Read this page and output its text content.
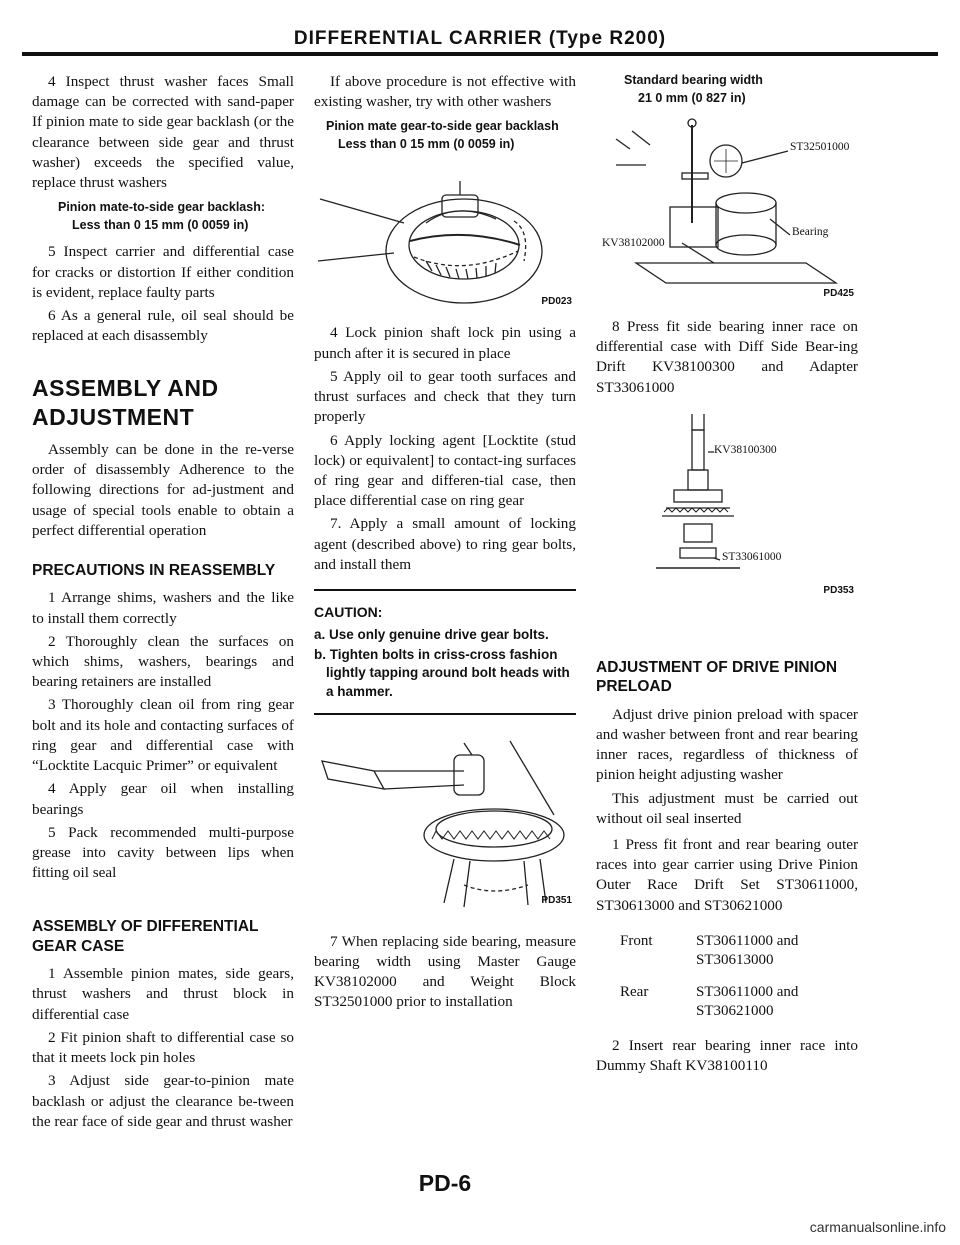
DIFFERENTIAL CARRIER (Type R200)

4 Inspect thrust washer faces Small damage can be corrected with sand-paper If pinion mate to side gear backlash (or the clearance between side gear and thrust washer) exceeds the specified value, replace thrust washers

Pinion mate-to-side gear backlash:
Less than 0 15 mm (0 0059 in)

5 Inspect carrier and differential case for cracks or distortion If either condition is evident, replace faulty parts

6 As a general rule, oil seal should be replaced at each disassembly

ASSEMBLY AND ADJUSTMENT

Assembly can be done in the re-verse order of disassembly Adherence to the following directions for ad-justment and usage of special tools enable to obtain a perfect differential operation

PRECAUTIONS IN REASSEMBLY

1 Arrange shims, washers and the like to install them correctly

2 Thoroughly clean the surfaces on which shims, washers, bearings and bearing retainers are installed

3 Thoroughly clean oil from ring gear bolt and its hole and contacting surfaces of ring gear and differential case with “Locktite Lacquic Primer” or equivalent

4 Apply gear oil when installing bearings

5 Pack recommended multi-purpose grease into cavity between lips when fitting oil seal

ASSEMBLY OF DIFFERENTIAL GEAR CASE

1 Assemble pinion mates, side gears, thrust washers and thrust block in differential case

2 Fit pinion shaft to differential case so that it meets lock pin holes

3 Adjust side gear-to-pinion mate backlash or adjust the clearance be-tween the rear face of side gear and thrust washer

If above procedure is not effective with existing washer, try with other washers

Pinion mate gear-to-side gear backlash
Less than 0 15 mm (0 0059 in)
PD023

4 Lock pinion shaft lock pin using a punch after it is secured in place

5 Apply oil to gear tooth surfaces and thrust surfaces and check that they turn properly

6 Apply locking agent [Locktite (stud lock) or equivalent] to contact-ing surfaces of ring gear and differen-tial case, then place differential case on ring gear

7. Apply a small amount of locking agent (described above) to ring gear bolts, and install them

CAUTION:
a. Use only genuine drive gear bolts.
b. Tighten bolts in criss-cross fashion lightly tapping around bolt heads with a hammer.
PD351

7 When replacing side bearing, measure bearing width using Master Gauge KV38102000 and Weight Block ST32501000 prior to installation

Standard bearing width
21 0 mm (0 827 in)
ST32501000
Bearing
KV38102000
PD425

8 Press fit side bearing inner race on differential case with Diff Side Bear-ing Drift KV38100300 and Adapter ST33061000

KV38100300
ST33061000
PD353
ADJUSTMENT OF DRIVE PINION PRELOAD

Adjust drive pinion preload with spacer and washer between front and rear bearing inner races, regardless of thickness of pinion height adjusting washer

This adjustment must be carried out without oil seal inserted

1 Press fit front and rear bearing outer races into gear carrier using Drive Pinion Outer Race Drift Set ST30611000, ST30613000 and ST30621000

Front	ST30611000 and ST30613000
Rear	ST30611000 and ST30621000

2 Insert rear bearing inner race into Dummy Shaft KV38100110

PD-6
carmanualsonline.info
